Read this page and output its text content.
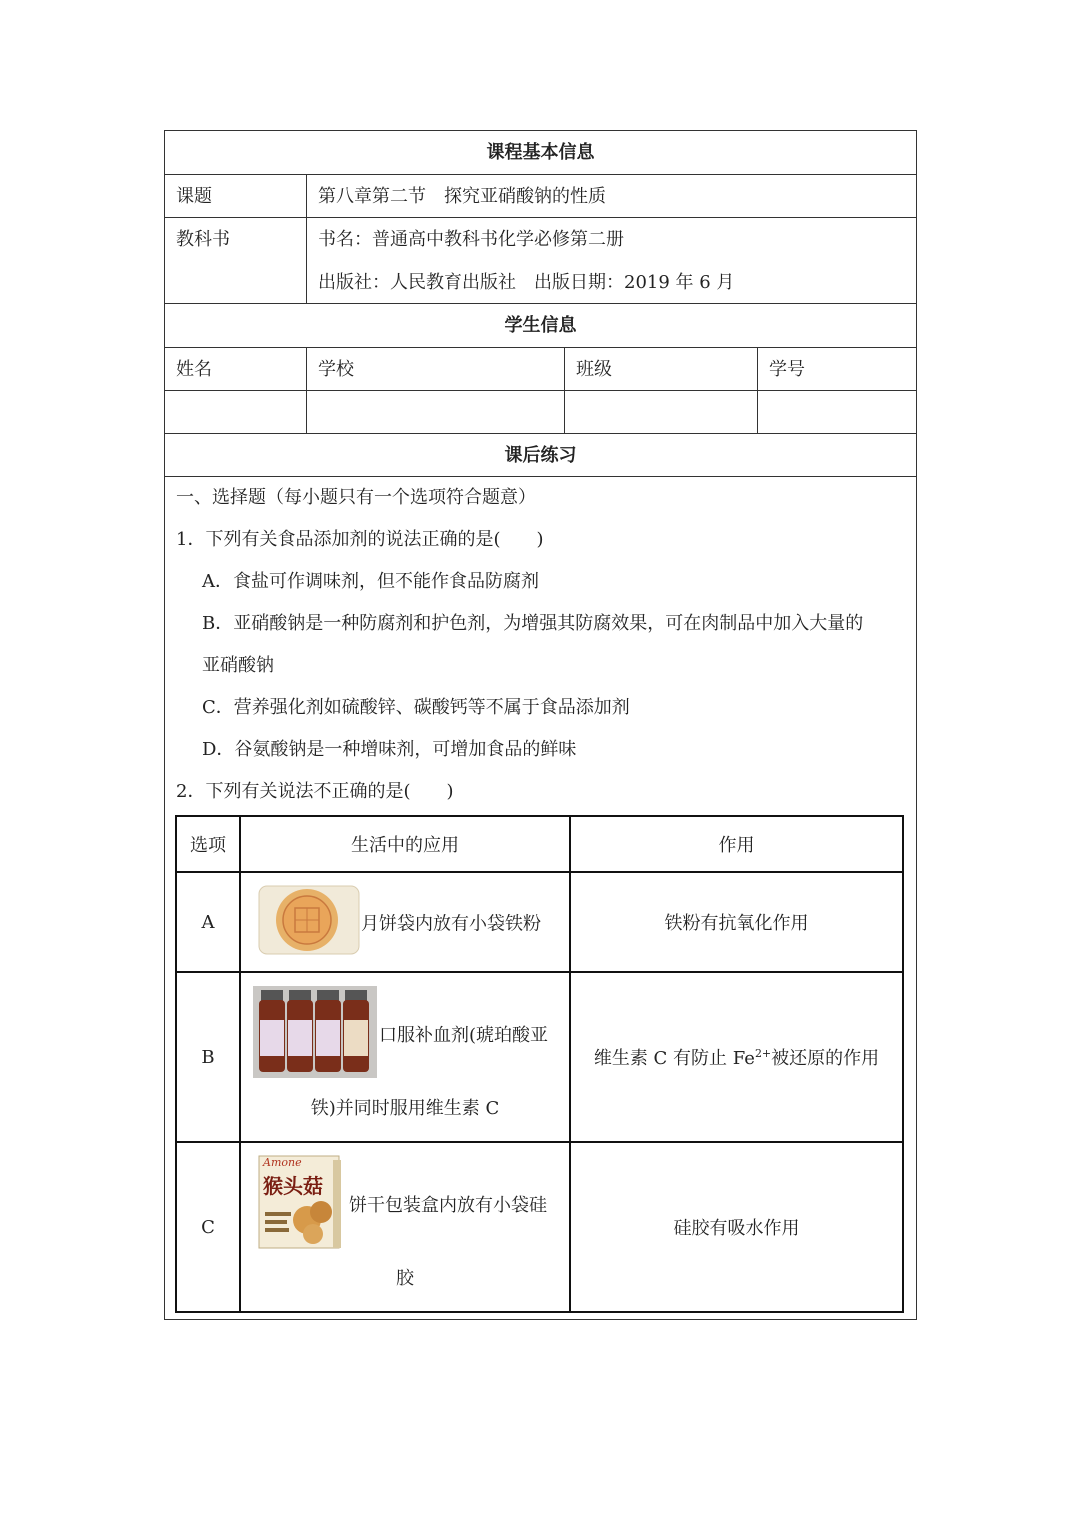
课程基本信息
课题	第八章第二节　探究亚硝酸钠的性质
教科书	书名：普通高中教科书化学必修第二册
出版社：人民教育出版社　出版日期：2019 年 6 月
学生信息
姓名	学校	班级	学号
课后练习
一、选择题（每小题只有一个选项符合题意）
1．下列有关食品添加剂的说法正确的是(　　)
A．食盐可作调味剂，但不能作食品防腐剂
B．亚硝酸钠是一种防腐剂和护色剂，为增强其防腐效果，可在肉制品中加入大量的
亚硝酸钠
C．营养强化剂如硫酸锌、碳酸钙等不属于食品添加剂
D．谷氨酸钠是一种增味剂，可增加食品的鲜味
2．下列有关说法不正确的是(　　)
选项	生活中的应用	作用
A	月饼袋内放有小袋铁粉	铁粉有抗氧化作用
B	口服补血剂(琥珀酸亚
铁)并同时服用维生素 C	维生素 C 有防止 $Fe^{2+}$被还原的作用
C	Amone
猴头菇
饼干包装盒内放有小袋硅
胶	硅胶有吸水作用
